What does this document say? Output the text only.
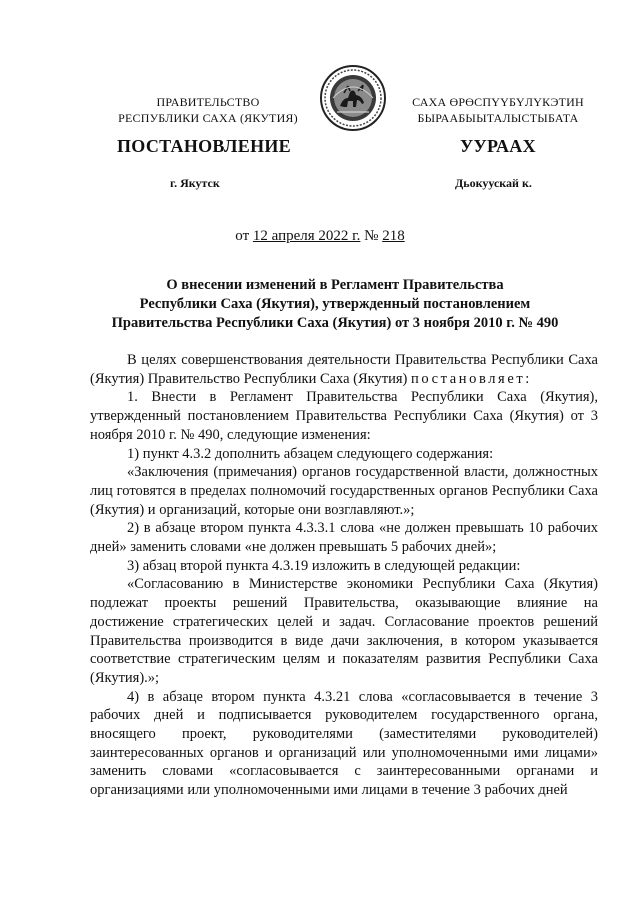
ПРАВИТЕЛЬСТВО
РЕСПУБЛИКИ САХА (ЯКУТИЯ)
САХА ӨРӨСПҮҮБҮЛҮКЭТИН
БЫРААБЫЫТАЛЫСТЫБАТА
ПОСТАНОВЛЕНИЕ	УУРААХ
г. Якутск	Дьокуускай к.
от 12 апреля 2022 г. № 218
О внесении изменений в Регламент Правительства
Республики Саха (Якутия), утвержденный постановлением
Правительства Республики Саха (Якутия) от 3 ноября 2010 г. № 490

В целях совершенствования деятельности Правительства Республики Саха (Якутия) Правительство Республики Саха (Якутия) постановляет:

1. Внести в Регламент Правительства Республики Саха (Якутия), утвержденный постановлением Правительства Республики Саха (Якутия) от 3 ноября 2010 г. № 490, следующие изменения:

1) пункт 4.3.2 дополнить абзацем следующего содержания:

«Заключения (примечания) органов государственной власти, должностных лиц готовятся в пределах полномочий государственных органов Республики Саха (Якутия) и организаций, которые они возглавляют.»;

2) в абзаце втором пункта 4.3.3.1 слова «не должен превышать 10 рабочих дней» заменить словами «не должен превышать 5 рабочих дней»;

3) абзац второй пункта 4.3.19 изложить в следующей редакции:

«Согласованию в Министерстве экономики Республики Саха (Якутия) подлежат проекты решений Правительства, оказывающие влияние на достижение стратегических целей и задач. Согласование проектов решений Правительства производится в виде дачи заключения, в котором указывается соответствие стратегическим целям и показателям развития Республики Саха (Якутия).»;

4) в абзаце втором пункта 4.3.21 слова «согласовывается в течение 3 рабочих дней и подписывается руководителем государственного органа, вносящего проект, руководителями (заместителями руководителей) заинтересованных органов и организаций или уполномоченными ими лицами» заменить словами «согласовывается с заинтересованными органами и организациями или уполномоченными ими лицами в течение 3 рабочих дней
